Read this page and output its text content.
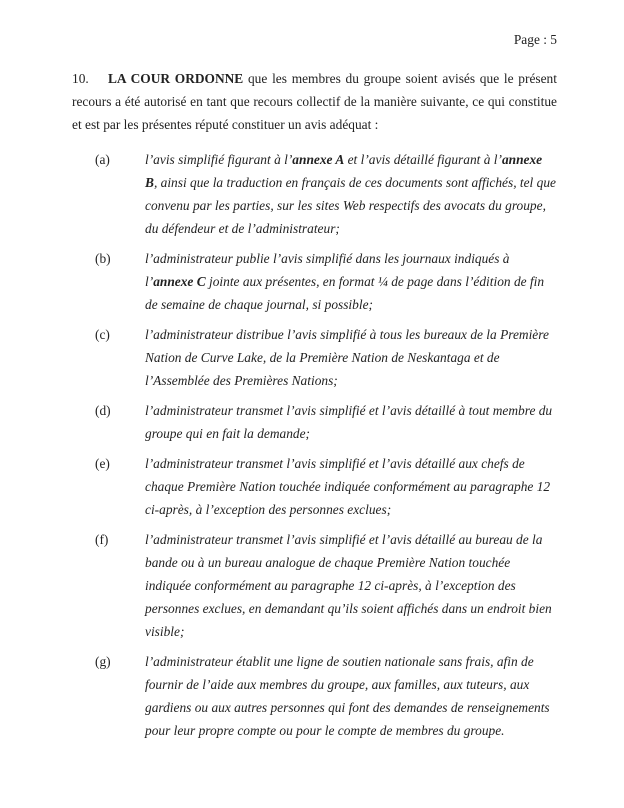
Page : 5

10. LA COUR ORDONNE que les membres du groupe soient avisés que le présent recours a été autorisé en tant que recours collectif de la manière suivante, ce qui constitue et est par les présentes réputé constituer un avis adéquat :

(a)	l’avis simplifié figurant à l’annexe A et l’avis détaillé figurant à l’annexe B, ainsi que la traduction en français de ces documents sont affichés, tel que convenu par les parties, sur les sites Web respectifs des avocats du groupe, du défendeur et de l’administrateur;
(b)	l’administrateur publie l’avis simplifié dans les journaux indiqués à l’annexe C jointe aux présentes, en format ¼ de page dans l’édition de fin de semaine de chaque journal, si possible;
(c)	l’administrateur distribue l’avis simplifié à tous les bureaux de la Première Nation de Curve Lake, de la Première Nation de Neskantaga et de l’Assemblée des Premières Nations;
(d)	l’administrateur transmet l’avis simplifié et l’avis détaillé à tout membre du groupe qui en fait la demande;
(e)	l’administrateur transmet l’avis simplifié et l’avis détaillé aux chefs de chaque Première Nation touchée indiquée conformément au paragraphe 12 ci-après, à l’exception des personnes exclues;
(f)	l’administrateur transmet l’avis simplifié et l’avis détaillé au bureau de la bande ou à un bureau analogue de chaque Première Nation touchée indiquée conformément au paragraphe 12 ci-après, à l’exception des personnes exclues, en demandant qu’ils soient affichés dans un endroit bien visible;
(g)	l’administrateur établit une ligne de soutien nationale sans frais, afin de fournir de l’aide aux membres du groupe, aux familles, aux tuteurs, aux gardiens ou aux autres personnes qui font des demandes de renseignements pour leur propre compte ou pour le compte de membres du groupe.
